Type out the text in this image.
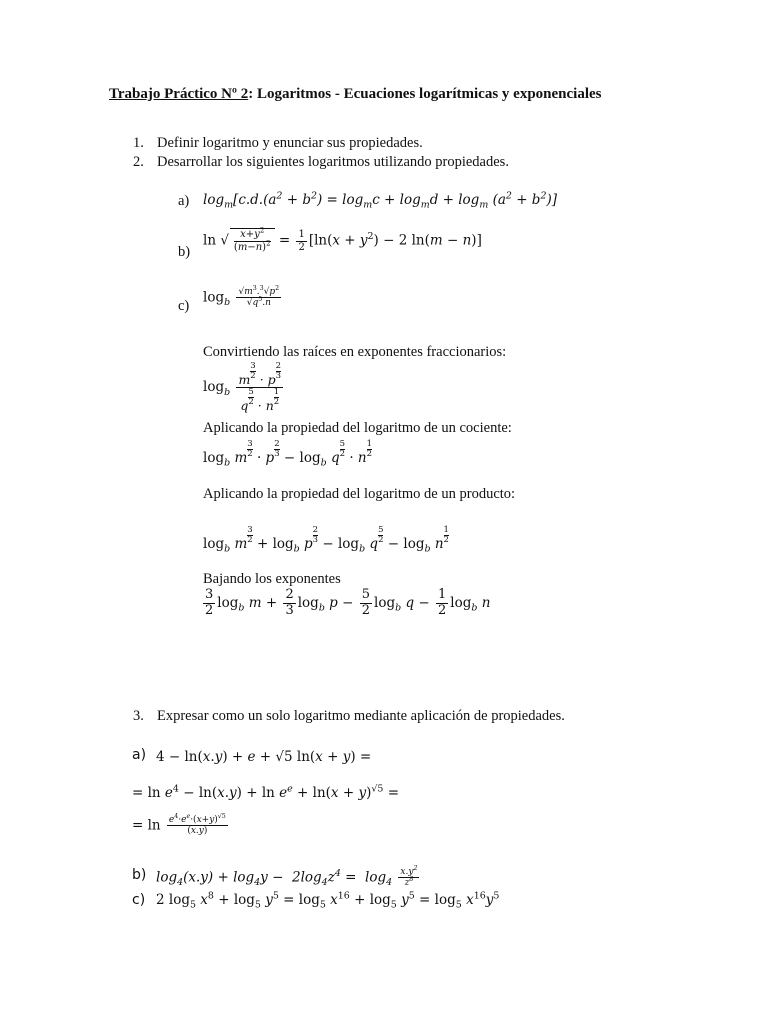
Trabajo Práctico Nº 2: Logaritmos - Ecuaciones logarítmicas y exponenciales
1. Definir logaritmo y enunciar sus propiedades.
2. Desarrollar los siguientes logaritmos utilizando propiedades.
a) $\log_m[c.d.(a^2 + b^2) = \log_mc + \log_md + \log_m (a^2 + b^2)]$
b)
ln √ $\frac{x+y^2}{(m-n)^2} = \frac{1}{2} [\ln(x + y^2) - 2$ ln(m − n)]
c)
$\log_b \frac{√m^3.^3√p^2}{√q^5.n}$
Convirtiendo las raíces en exponentes fraccionarios:
$\log_b \frac{m \frac{3}{2} \cdot p \frac{2}{3}}{q \frac{5}{2} \cdot n \frac{1}{2}}$
Aplicando la propiedad del logaritmo de un cociente:
$\log_b m \frac{3}{2} \cdot p \frac{2}{3} - \log_b q \frac{5}{2} \cdot n \frac{1}{2}$
Aplicando la propiedad del logaritmo de un producto:
$\log_b m \frac{3}{2} + \log_b p \frac{2}{3} - \log_b q \frac{5}{2} - \log_b n \frac{1}{2}$
Bajando los exponentes
$\frac{3}{2} \log_b m + \frac{2}{3} \log_b p - \frac{5}{2} \log_b q - \frac{1}{2} \log_b n$
3. Expresar como un solo logaritmo mediante aplicación de propiedades.
a) 4 − ln(x.y) + e + √5 ln(x + y) =
= $\ln e^4 - \ln(x.y) + \ln e^e + \ln(x + y)^{√5}$ =
= $\ln \frac{e^4\cdot e^e\cdot(x+y)^{√5}}{(x.y)}$
b) $\log_4(x.y) + \log_4y - 2\log_4z^4 = \log_4 \frac{x.y^2}{z^8}$
c) 2 $\log_5 x^8 + \log_5 y^5 = \log_5 x^{16} + \log_5 y^5 = \log_5 x^{16}y^5$
